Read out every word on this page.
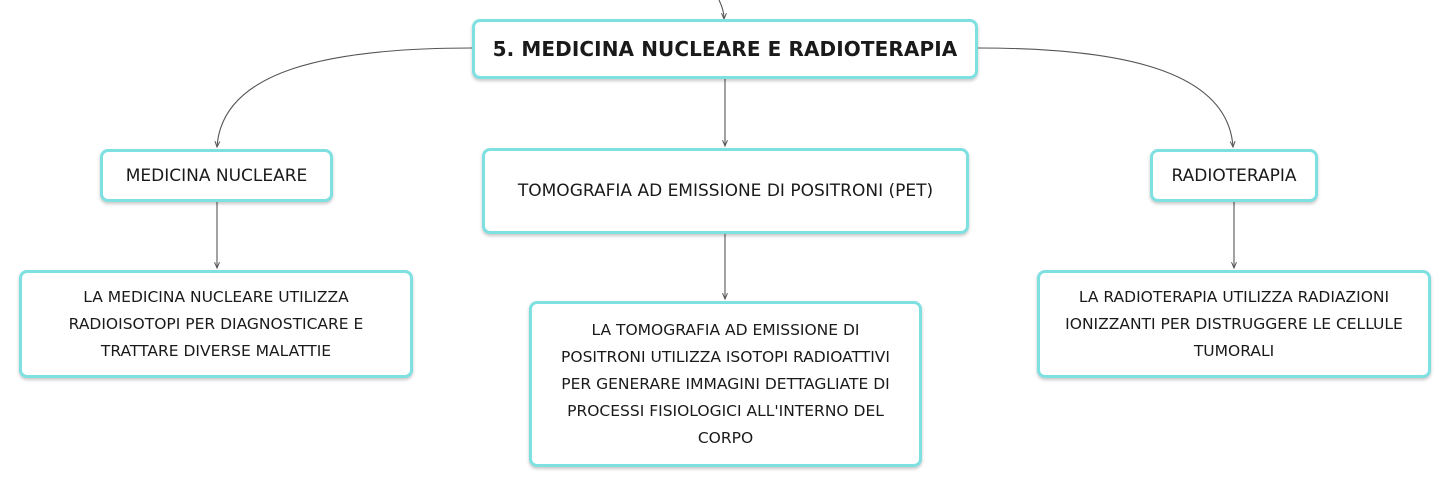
5. MEDICINA NUCLEARE E RADIOTERAPIA
MEDICINA NUCLEARE
TOMOGRAFIA AD EMISSIONE DI POSITRONI (PET)
RADIOTERAPIA
LA MEDICINA NUCLEARE UTILIZZA RADIOISOTOPI PER DIAGNOSTICARE E TRATTARE DIVERSE MALATTIE
LA TOMOGRAFIA AD EMISSIONE DI POSITRONI UTILIZZA ISOTOPI RADIOATTIVI PER GENERARE IMMAGINI DETTAGLIATE DI PROCESSI FISIOLOGICI ALL'INTERNO DEL CORPO
LA RADIOTERAPIA UTILIZZA RADIAZIONI IONIZZANTI PER DISTRUGGERE LE CELLULE TUMORALI
